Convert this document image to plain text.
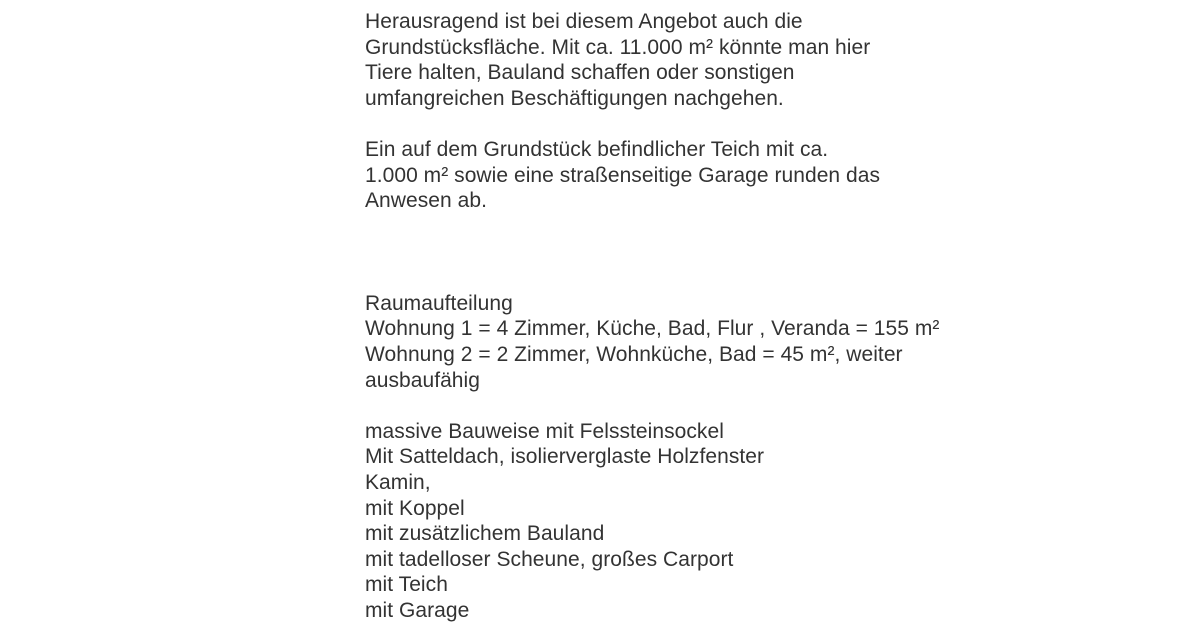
Herausragend ist bei diesem Angebot auch die Grundstücksfläche. Mit ca. 11.000 m² könnte man hier Tiere halten, Bauland schaffen oder sonstigen umfangreichen Beschäftigungen nachgehen.

Ein auf dem Grundstück befindlicher Teich mit ca. 1.000 m² sowie eine straßenseitige Garage runden das Anwesen ab.

Raumaufteilung
Wohnung 1 = 4 Zimmer, Küche, Bad, Flur , Veranda = 155 m²
Wohnung 2 = 2 Zimmer, Wohnküche, Bad = 45 m², weiter
ausbaufähig
massive Bauweise mit Felssteinsockel
Mit Satteldach, isolierverglaste Holzfenster
Kamin,
mit Koppel
mit zusätzlichem Bauland
mit tadelloser Scheune, großes Carport
mit Teich
mit Garage
